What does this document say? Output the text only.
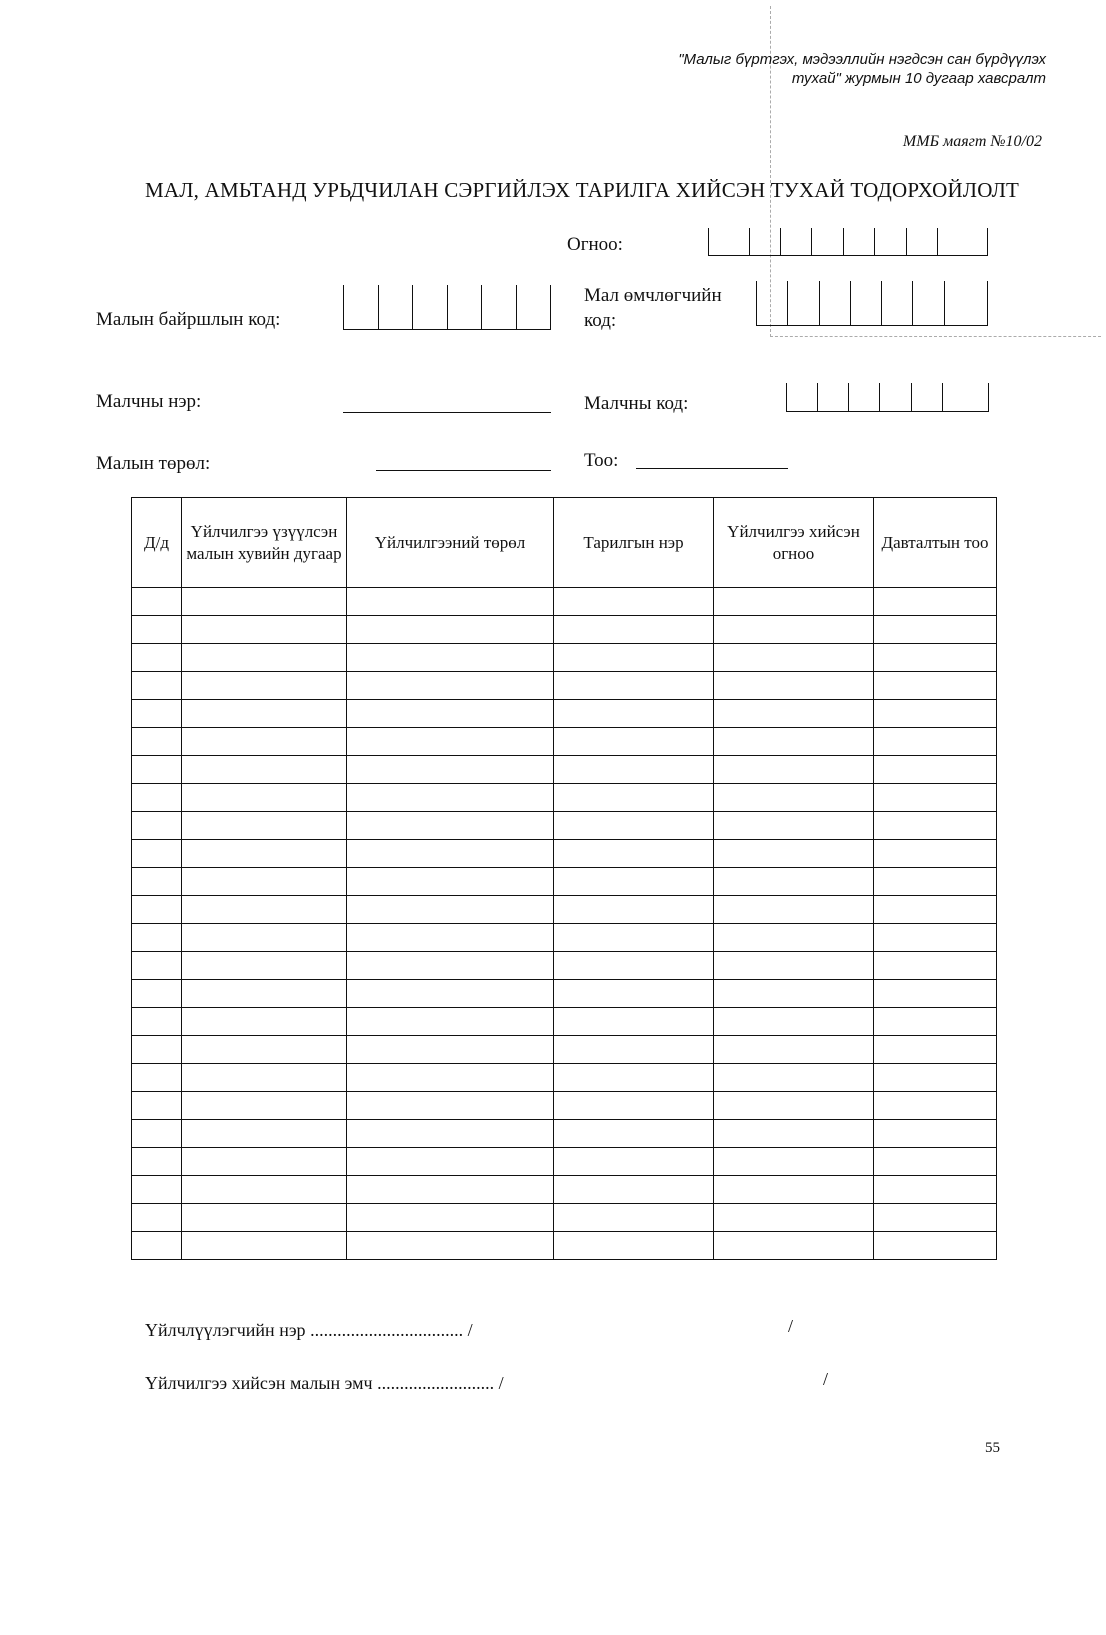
"Малыг бүртгэх, мэдээллийн нэгдсэн сан бүрдүүлэх
тухай" журмын 10 дугаар хавсралт
ММБ маягт №10/02
МАЛ, АМЬТАНД УРЬДЧИЛАН СЭРГИЙЛЭХ ТАРИЛГА ХИЙСЭН ТУХАЙ ТОДОРХОЙЛОЛТ
Огноо:
Малын байршлын код:
Мал өмчлөгчийн
код:
Малчны нэр:	Малчны код:
Малын төрөл:	Тоо:
Д/д	Үйлчилгээ үзүүлсэн малын хувийн дугаар	Үйлчилгээний төрөл	Тарилгын нэр	Үйлчилгээ хийсэн огноо	Давталтын тоо

Үйлчлүүлэгчийн нэр .................................. /	/
Үйлчилгээ хийсэн малын эмч .......................... /	/
55
